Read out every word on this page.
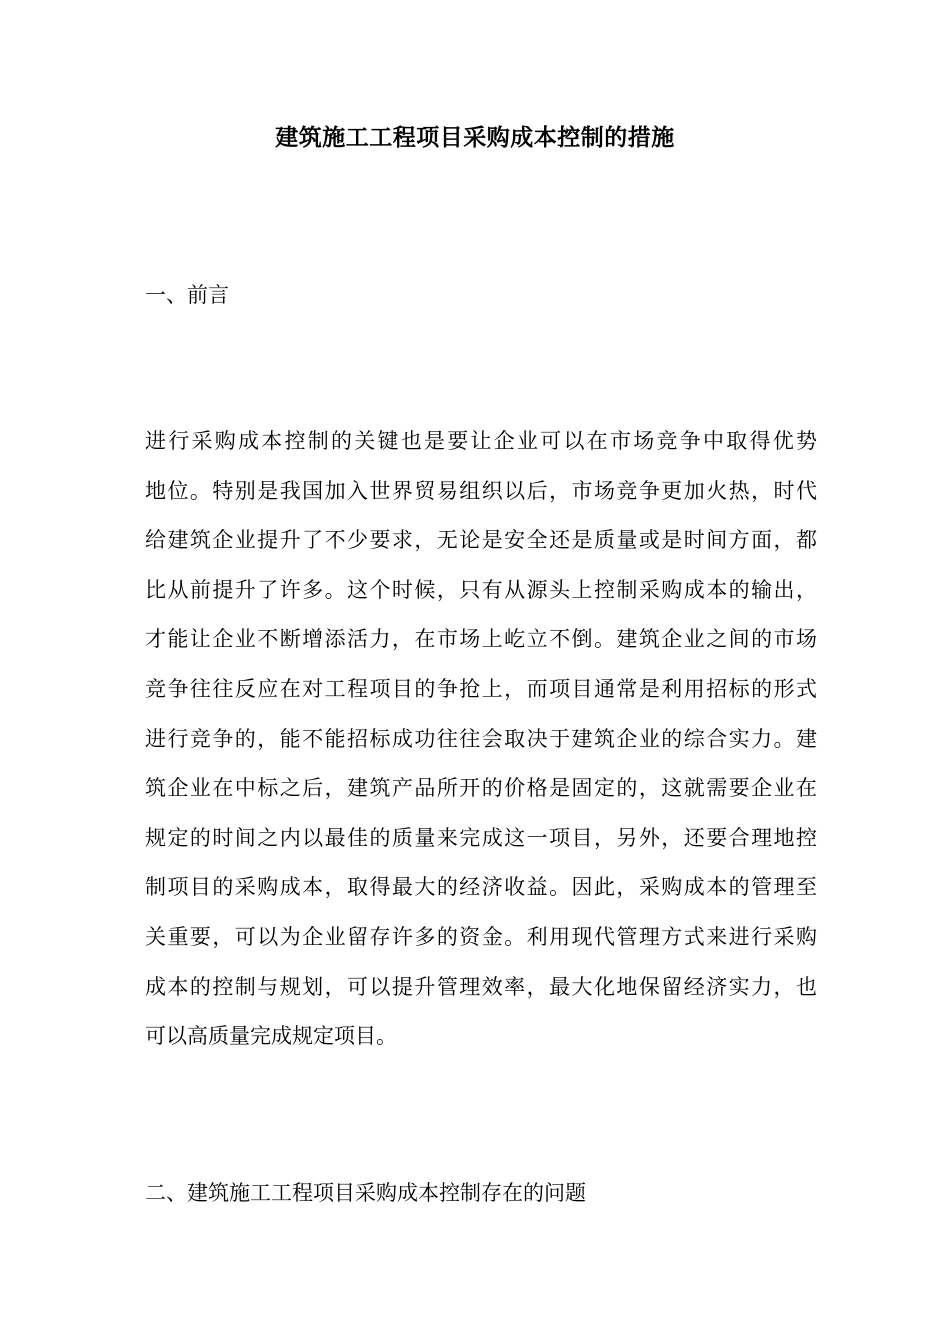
建筑施工工程项目采购成本控制的措施
一、前言
进行采购成本控制的关键也是要让企业可以在市场竞争中取得优势
地位。特别是我国加入世界贸易组织以后，市场竞争更加火热，时代
给建筑企业提升了不少要求，无论是安全还是质量或是时间方面，都
比从前提升了许多。这个时候，只有从源头上控制采购成本的输出，
才能让企业不断增添活力，在市场上屹立不倒。建筑企业之间的市场
竞争往往反应在对工程项目的争抢上，而项目通常是利用招标的形式
进行竞争的，能不能招标成功往往会取决于建筑企业的综合实力。建
筑企业在中标之后，建筑产品所开的价格是固定的，这就需要企业在
规定的时间之内以最佳的质量来完成这一项目，另外，还要合理地控
制项目的采购成本，取得最大的经济收益。因此，采购成本的管理至
关重要，可以为企业留存许多的资金。利用现代管理方式来进行采购
成本的控制与规划，可以提升管理效率，最大化地保留经济实力，也
可以高质量完成规定项目。
二、建筑施工工程项目采购成本控制存在的问题
